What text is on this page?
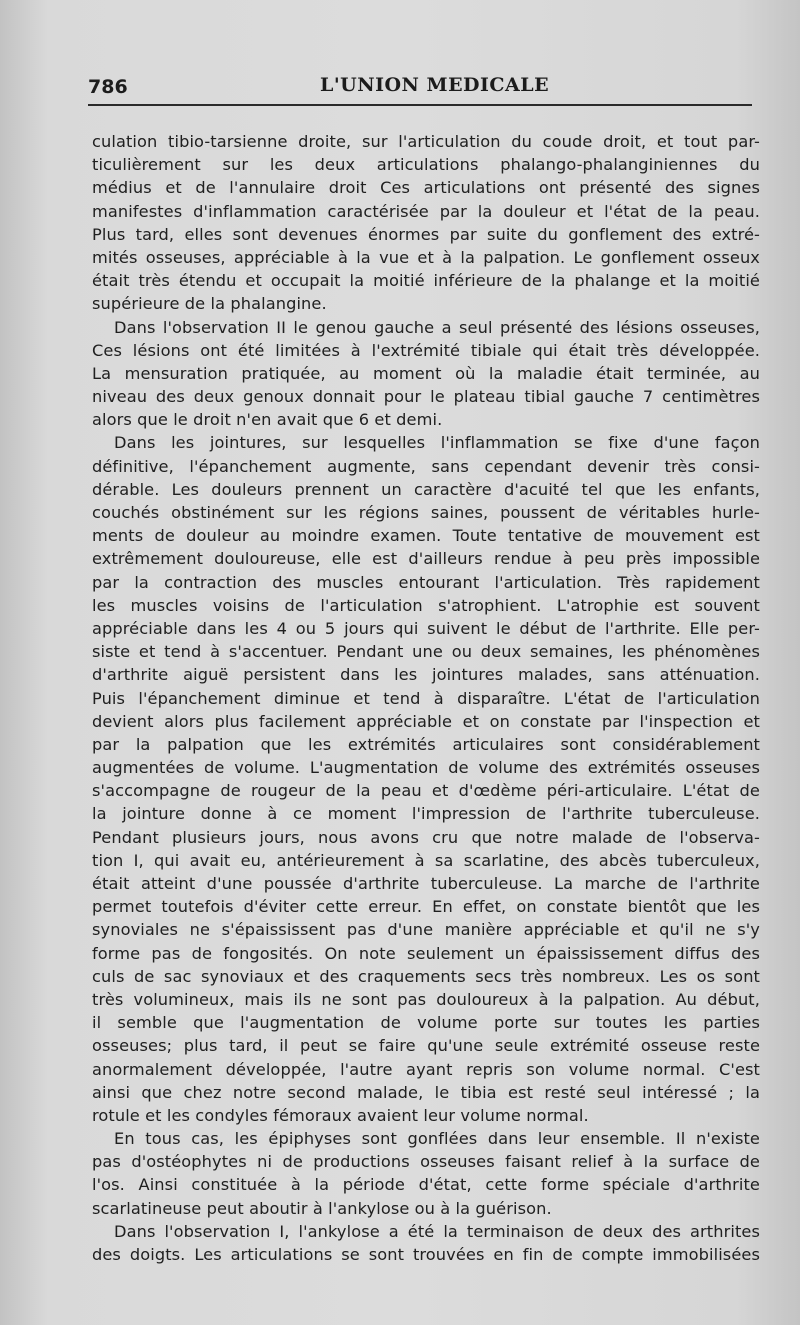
786	L'UNION MEDICALE
culation tibio-tarsienne droite, sur l'articulation du coude droit, et tout par-
ticulièrement sur les deux articulations phalango-phalanginiennes du
médius et de l'annulaire droit Ces articulations ont présenté des signes
manifestes d'inflammation caractérisée par la douleur et l'état de la peau.
Plus tard, elles sont devenues énormes par suite du gonflement des extré-
mités osseuses, appréciable à la vue et à la palpation. Le gonflement osseux
était très étendu et occupait la moitié inférieure de la phalange et la moitié
supérieure de la phalangine.
Dans l'observation II le genou gauche a seul présenté des lésions osseuses,
Ces lésions ont été limitées à l'extrémité tibiale qui était très développée.
La mensuration pratiquée, au moment où la maladie était terminée, au
niveau des deux genoux donnait pour le plateau tibial gauche 7 centimètres
alors que le droit n'en avait que 6 et demi.
Dans les jointures, sur lesquelles l'inflammation se fixe d'une façon
définitive, l'épanchement augmente, sans cependant devenir très consi-
dérable. Les douleurs prennent un caractère d'acuité tel que les enfants,
couchés obstinément sur les régions saines, poussent de véritables hurle-
ments de douleur au moindre examen. Toute tentative de mouvement est
extrêmement douloureuse, elle est d'ailleurs rendue à peu près impossible
par la contraction des muscles entourant l'articulation. Très rapidement
les muscles voisins de l'articulation s'atrophient. L'atrophie est souvent
appréciable dans les 4 ou 5 jours qui suivent le début de l'arthrite. Elle per-
siste et tend à s'accentuer. Pendant une ou deux semaines, les phénomènes
d'arthrite aiguë persistent dans les jointures malades, sans atténuation.
Puis l'épanchement diminue et tend à disparaître. L'état de l'articulation
devient alors plus facilement appréciable et on constate par l'inspection et
par la palpation que les extrémités articulaires sont considérablement
augmentées de volume. L'augmentation de volume des extrémités osseuses
s'accompagne de rougeur de la peau et d'œdème péri-articulaire. L'état de
la jointure donne à ce moment l'impression de l'arthrite tuberculeuse.
Pendant plusieurs jours, nous avons cru que notre malade de l'observa-
tion I, qui avait eu, antérieurement à sa scarlatine, des abcès tuberculeux,
était atteint d'une poussée d'arthrite tuberculeuse. La marche de l'arthrite
permet toutefois d'éviter cette erreur. En effet, on constate bientôt que les
synoviales ne s'épaississent pas d'une manière appréciable et qu'il ne s'y
forme pas de fongosités. On note seulement un épaississement diffus des
culs de sac synoviaux et des craquements secs très nombreux. Les os sont
très volumineux, mais ils ne sont pas douloureux à la palpation. Au début,
il semble que l'augmentation de volume porte sur toutes les parties
osseuses; plus tard, il peut se faire qu'une seule extrémité osseuse reste
anormalement développée, l'autre ayant repris son volume normal. C'est
ainsi que chez notre second malade, le tibia est resté seul intéressé ; la
rotule et les condyles fémoraux avaient leur volume normal.
En tous cas, les épiphyses sont gonflées dans leur ensemble. Il n'existe
pas d'ostéophytes ni de productions osseuses faisant relief à la surface de
l'os. Ainsi constituée à la période d'état, cette forme spéciale d'arthrite
scarlatineuse peut aboutir à l'ankylose ou à la guérison.
Dans l'observation I, l'ankylose a été la terminaison de deux des arthrites
des doigts. Les articulations se sont trouvées en fin de compte immobilisées
